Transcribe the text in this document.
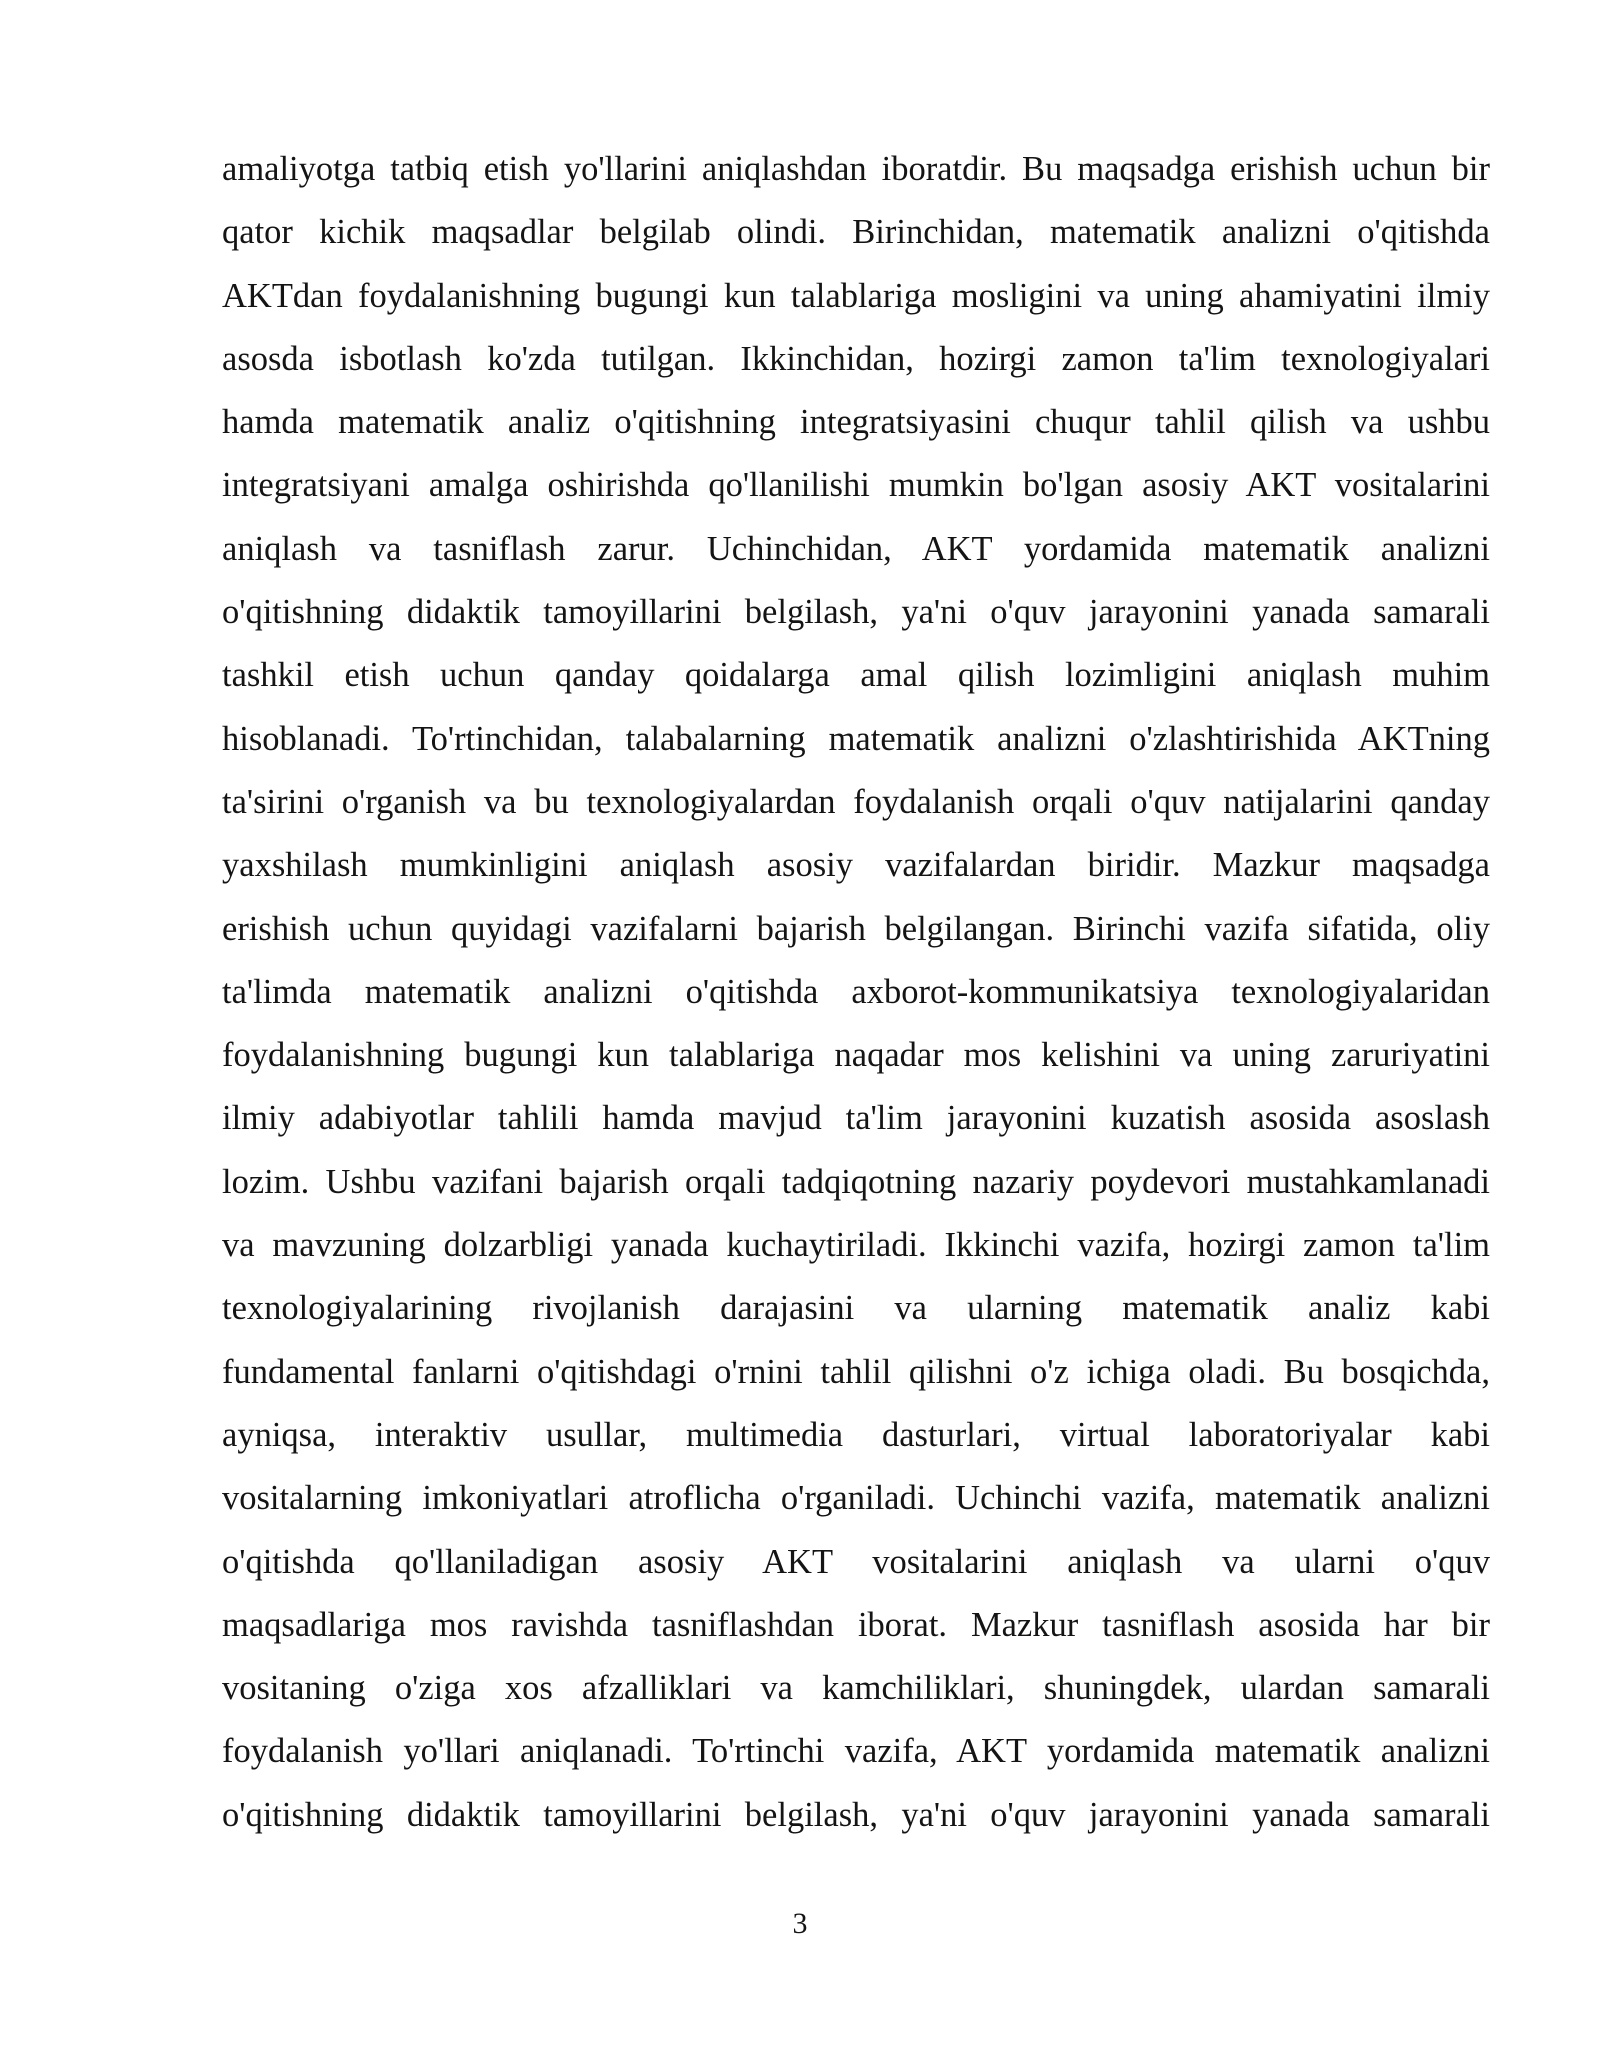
amaliyotga tatbiq etish yo'llarini aniqlashdan iboratdir. Bu maqsadga erishish uchun bir
qator kichik maqsadlar belgilab olindi. Birinchidan, matematik analizni o'qitishda
AKTdan foydalanishning bugungi kun talablariga mosligini va uning ahamiyatini ilmiy
asosda isbotlash ko'zda tutilgan. Ikkinchidan, hozirgi zamon ta'lim texnologiyalari
hamda matematik analiz o'qitishning integratsiyasini chuqur tahlil qilish va ushbu
integratsiyani amalga oshirishda qo'llanilishi mumkin bo'lgan asosiy AKT vositalarini
aniqlash va tasniflash zarur. Uchinchidan, AKT yordamida matematik analizni
o'qitishning didaktik tamoyillarini belgilash, ya'ni o'quv jarayonini yanada samarali
tashkil etish uchun qanday qoidalarga amal qilish lozimligini aniqlash muhim
hisoblanadi. To'rtinchidan, talabalarning matematik analizni o'zlashtirishida AKTning
ta'sirini o'rganish va bu texnologiyalardan foydalanish orqali o'quv natijalarini qanday
yaxshilash mumkinligini aniqlash asosiy vazifalardan biridir. Mazkur maqsadga
erishish uchun quyidagi vazifalarni bajarish belgilangan. Birinchi vazifa sifatida, oliy
ta'limda matematik analizni o'qitishda axborot-kommunikatsiya texnologiyalaridan
foydalanishning bugungi kun talablariga naqadar mos kelishini va uning zaruriyatini
ilmiy adabiyotlar tahlili hamda mavjud ta'lim jarayonini kuzatish asosida asoslash
lozim. Ushbu vazifani bajarish orqali tadqiqotning nazariy poydevori mustahkamlanadi
va mavzuning dolzarbligi yanada kuchaytiriladi. Ikkinchi vazifa, hozirgi zamon ta'lim
texnologiyalarining rivojlanish darajasini va ularning matematik analiz kabi
fundamental fanlarni o'qitishdagi o'rnini tahlil qilishni o'z ichiga oladi. Bu bosqichda,
ayniqsa, interaktiv usullar, multimedia dasturlari, virtual laboratoriyalar kabi
vositalarning imkoniyatlari atroflicha o'rganiladi. Uchinchi vazifa, matematik analizni
o'qitishda qo'llaniladigan asosiy AKT vositalarini aniqlash va ularni o'quv
maqsadlariga mos ravishda tasniflashdan iborat. Mazkur tasniflash asosida har bir
vositaning o'ziga xos afzalliklari va kamchiliklari, shuningdek, ulardan samarali
foydalanish yo'llari aniqlanadi. To'rtinchi vazifa, AKT yordamida matematik analizni
o'qitishning didaktik tamoyillarini belgilash, ya'ni o'quv jarayonini yanada samarali

3
